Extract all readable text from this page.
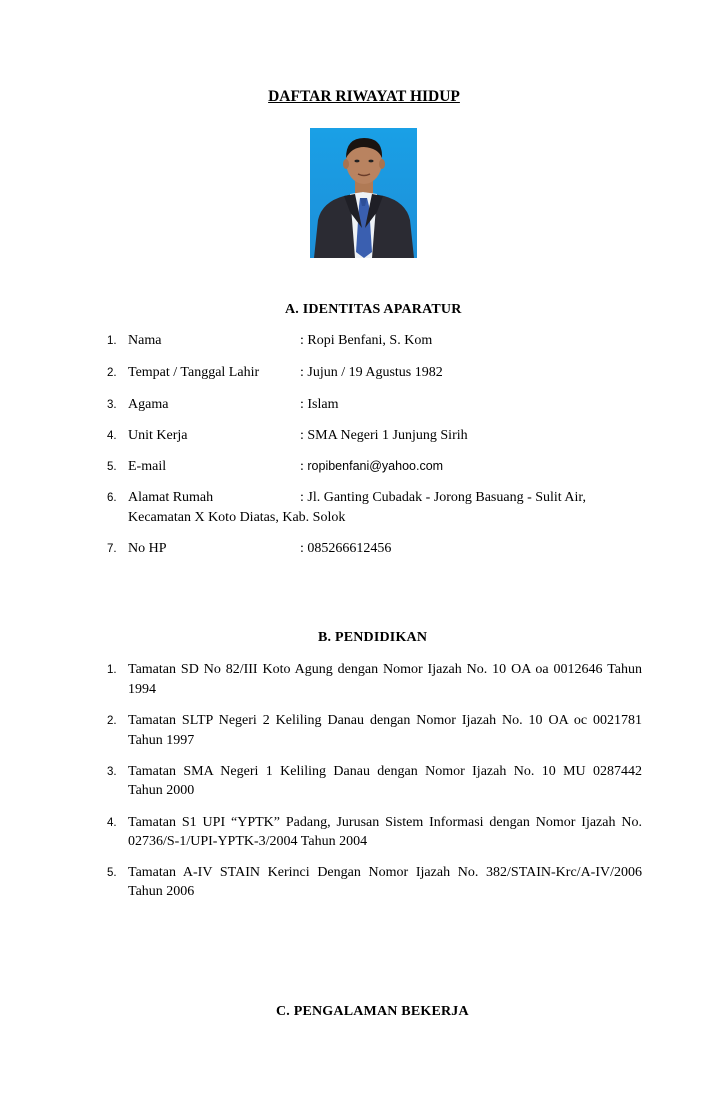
DAFTAR RIWAYAT HIDUP
A. IDENTITAS APARATUR
1. Nama	: Ropi Benfani, S. Kom
2. Tempat / Tanggal Lahir	: Jujun / 19 Agustus 1982
3. Agama	: Islam
4. Unit Kerja	: SMA Negeri 1 Junjung Sirih
5. E-mail	: ropibenfani@yahoo.com
6. Alamat Rumah	: Jl. Ganting Cubadak - Jorong Basuang - Sulit Air,
Kecamatan X Koto Diatas, Kab. Solok
7. No HP	: 085266612456
B. PENDIDIKAN
1. Tamatan SD No 82/III Koto Agung dengan Nomor Ijazah No. 10 OA oa 0012646 Tahun
1994
2. Tamatan SLTP Negeri 2 Keliling Danau dengan Nomor Ijazah No. 10 OA oc 0021781
Tahun 1997
3. Tamatan SMA Negeri 1 Keliling Danau dengan Nomor Ijazah No. 10 MU 0287442
Tahun 2000
4. Tamatan S1 UPI “YPTK” Padang, Jurusan Sistem Informasi dengan Nomor Ijazah No.
02736/S-1/UPI-YPTK-3/2004 Tahun 2004
5. Tamatan A-IV STAIN Kerinci Dengan Nomor Ijazah No. 382/STAIN-Krc/A-IV/2006
Tahun 2006
C. PENGALAMAN BEKERJA
